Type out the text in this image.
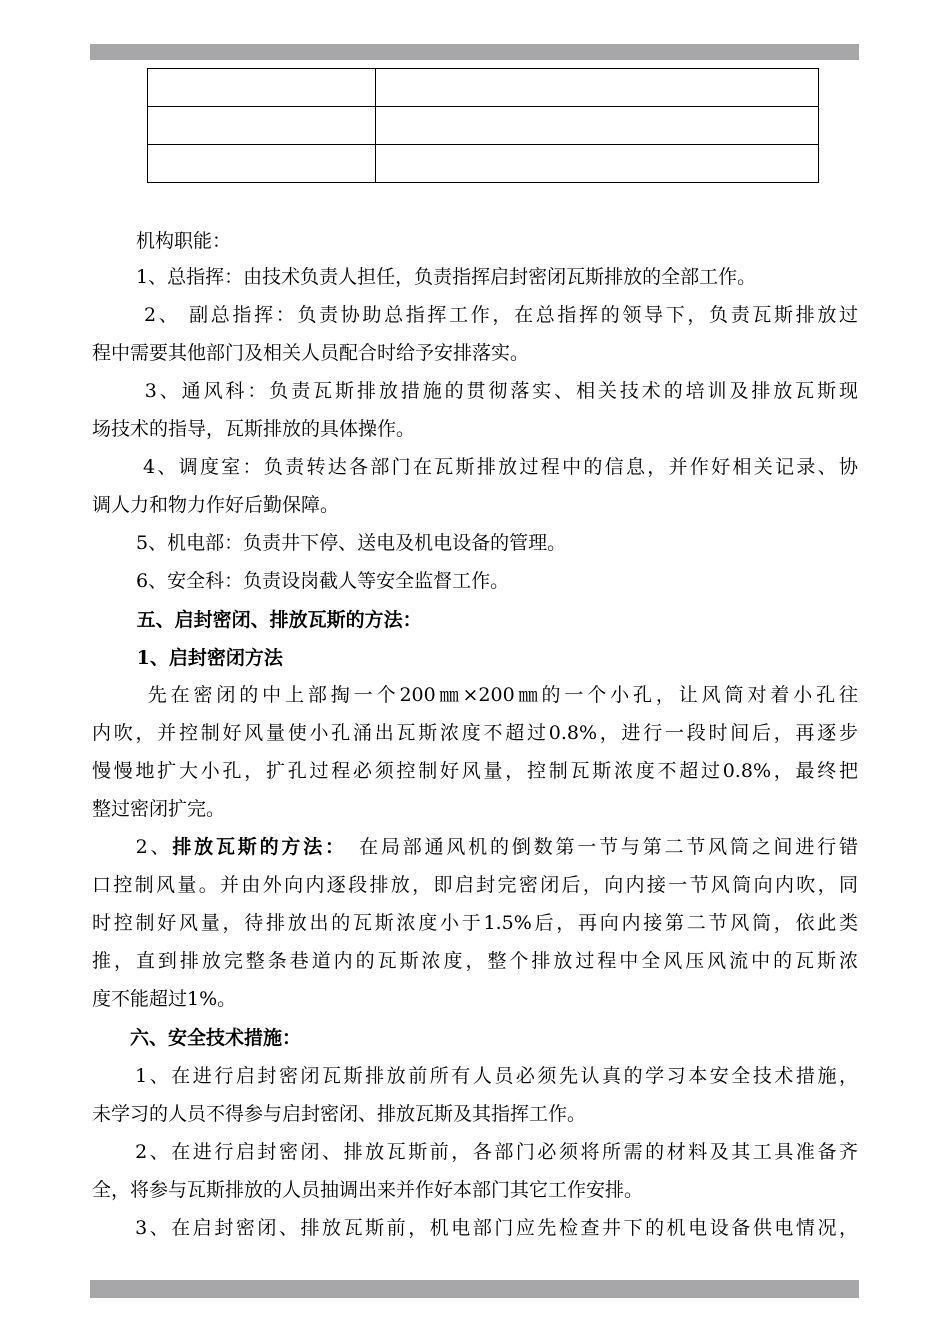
　　 机构职能：
　　 1、总指挥：由技术负责人担任，负责指挥启封密闭瓦斯排放的全部工作。
　　 2、 副总指挥：负责协助总指挥工作，在总指挥的领导下，负责瓦斯排放过
程中需要其他部门及相关人员配合时给予安排落实。
　　 3、通风科：负责瓦斯排放措施的贯彻落实、相关技术的培训及排放瓦斯现
场技术的指导，瓦斯排放的具体操作。
　　 4、调度室：负责转达各部门在瓦斯排放过程中的信息，并作好相关记录、协
调人力和物力作好后勤保障。
　　 5、机电部：负责井下停、送电及机电设备的管理。
　　 6、安全科：负责设岗截人等安全监督工作。
　　 五、启封密闭、排放瓦斯的方法：
　　 1、启封密闭方法
　　 先在密闭的中上部掏一个200㎜×200㎜的一个小孔，让风筒对着小孔往
内吹，并控制好风量使小孔涌出瓦斯浓度不超过0.8%，进行一段时间后，再逐步
慢慢地扩大小孔，扩孔过程必须控制好风量，控制瓦斯浓度不超过0.8%，最终把
整过密闭扩完。
　　2、排放瓦斯的方法：　在局部通风机的倒数第一节与第二节风筒之间进行错
口控制风量。并由外向内逐段排放，即启封完密闭后，向内接一节风筒向内吹，同
时控制好风量，待排放出的瓦斯浓度小于1.5%后，再向内接第二节风筒，依此类
推，直到排放完整条巷道内的瓦斯浓度，整个排放过程中全风压风流中的瓦斯浓
度不能超过1%。
　　六、安全技术措施：
　　1、在进行启封密闭瓦斯排放前所有人员必须先认真的学习本安全技术措施，
未学习的人员不得参与启封密闭、排放瓦斯及其指挥工作。
　　2、在进行启封密闭、排放瓦斯前，各部门必须将所需的材料及其工具准备齐
全，将参与瓦斯排放的人员抽调出来并作好本部门其它工作安排。
　　3、在启封密闭、排放瓦斯前，机电部门应先检查井下的机电设备供电情况，
